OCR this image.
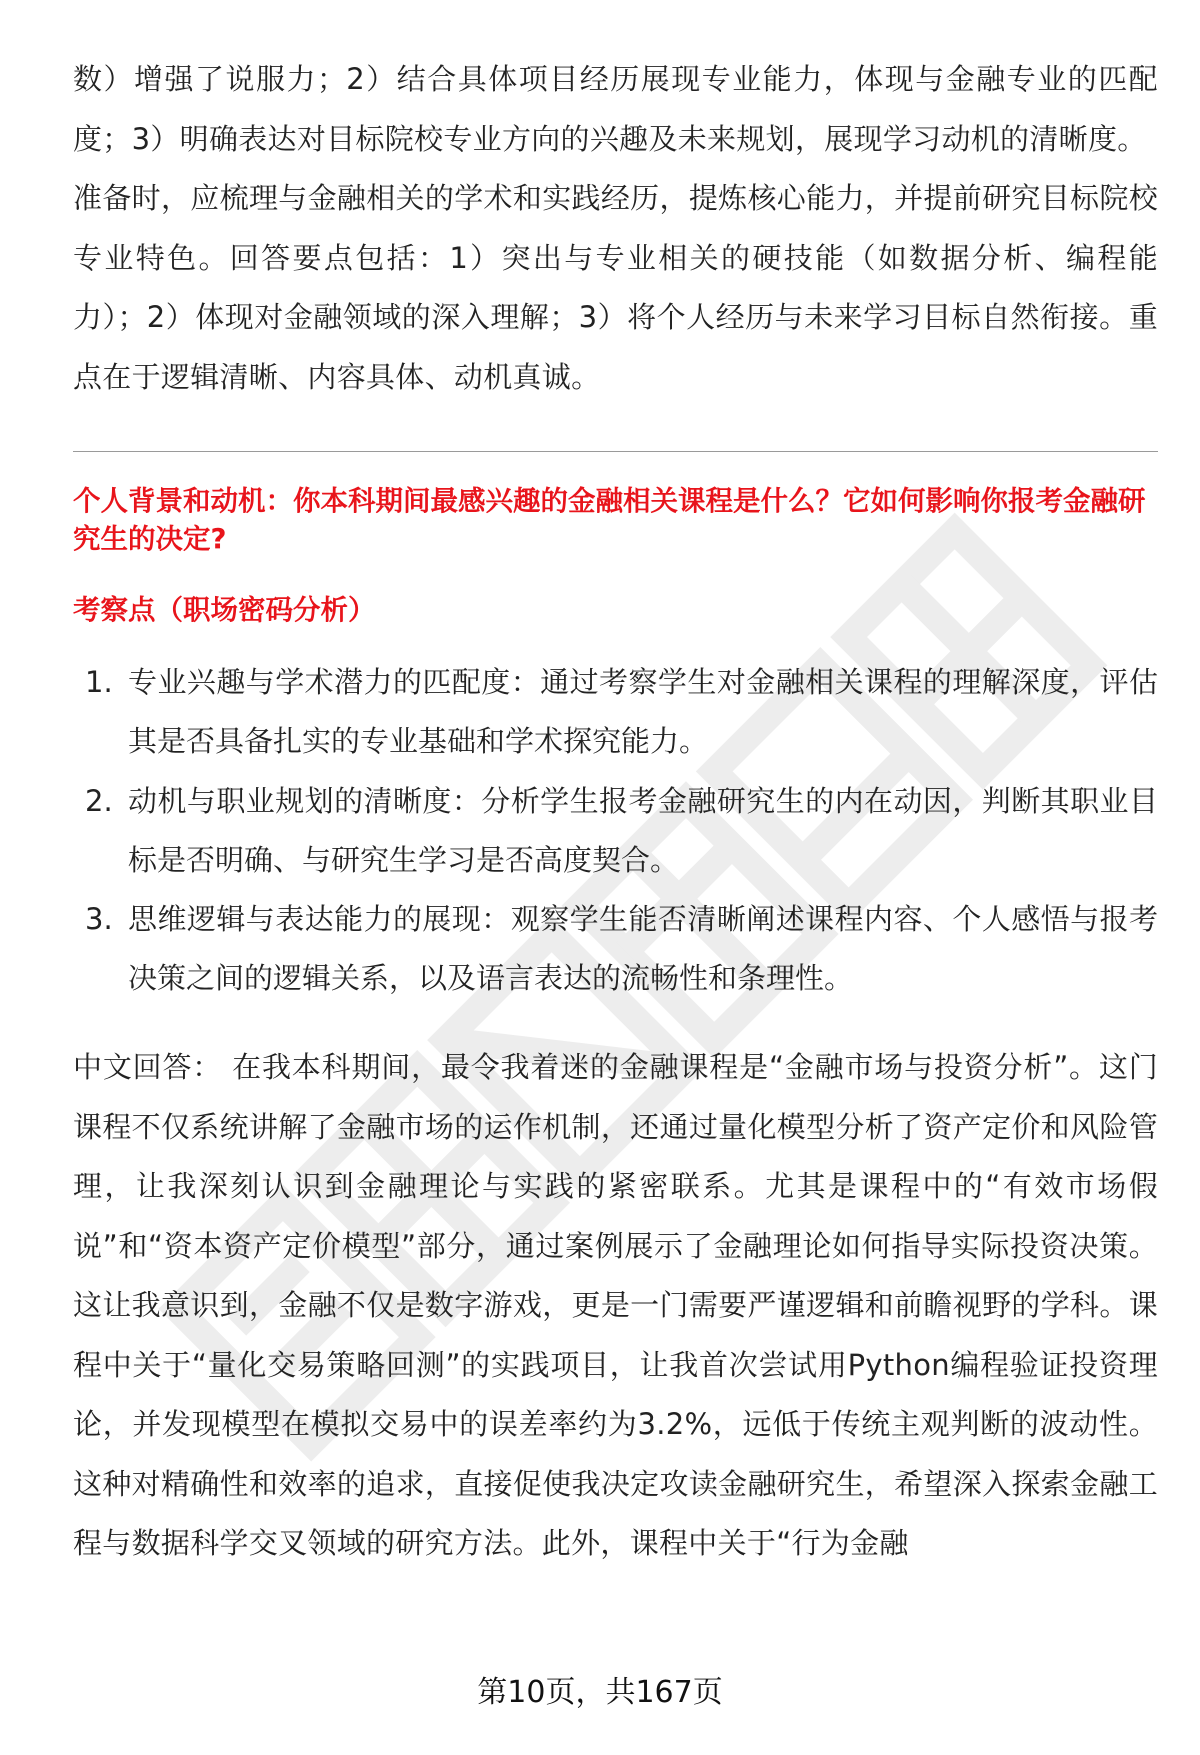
数）增强了说服力；2）结合具体项目经历展现专业能力，体现与金融专业的匹配度；3）明确表达对目标院校专业方向的兴趣及未来规划，展现学习动机的清晰度。

准备时，应梳理与金融相关的学术和实践经历，提炼核心能力，并提前研究目标院校专业特色。回答要点包括：1）突出与专业相关的硬技能（如数据分析、编程能力）；2）体现对金融领域的深入理解；3）将个人经历与未来学习目标自然衔接。重点在于逻辑清晰、内容具体、动机真诚。

个人背景和动机：你本科期间最感兴趣的金融相关课程是什么？它如何影响你报考金融研究生的决定?
考察点（职场密码分析）
1. 专业兴趣与学术潜力的匹配度：通过考察学生对金融相关课程的理解深度，评估其是否具备扎实的专业基础和学术探究能力。
2. 动机与职业规划的清晰度：分析学生报考金融研究生的内在动因，判断其职业目标是否明确、与研究生学习是否高度契合。
3. 思维逻辑与表达能力的展现：观察学生能否清晰阐述课程内容、个人感悟与报考决策之间的逻辑关系，以及语言表达的流畅性和条理性。

中文回答： 在我本科期间，最令我着迷的金融课程是“金融市场与投资分析”。这门课程不仅系统讲解了金融市场的运作机制，还通过量化模型分析了资产定价和风险管理，让我深刻认识到金融理论与实践的紧密联系。尤其是课程中的“有效市场假说”和“资本资产定价模型”部分，通过案例展示了金融理论如何指导实际投资决策。这让我意识到，金融不仅是数字游戏，更是一门需要严谨逻辑和前瞻视野的学科。课程中关于“量化交易策略回测”的实践项目，让我首次尝试用Python编程验证投资理论，并发现模型在模拟交易中的误差率约为3.2%，远低于传统主观判断的波动性。这种对精确性和效率的追求，直接促使我决定攻读金融研究生，希望深入探索金融工程与数据科学交叉领域的研究方法。此外，课程中关于“行为金融

第10页，共167页
